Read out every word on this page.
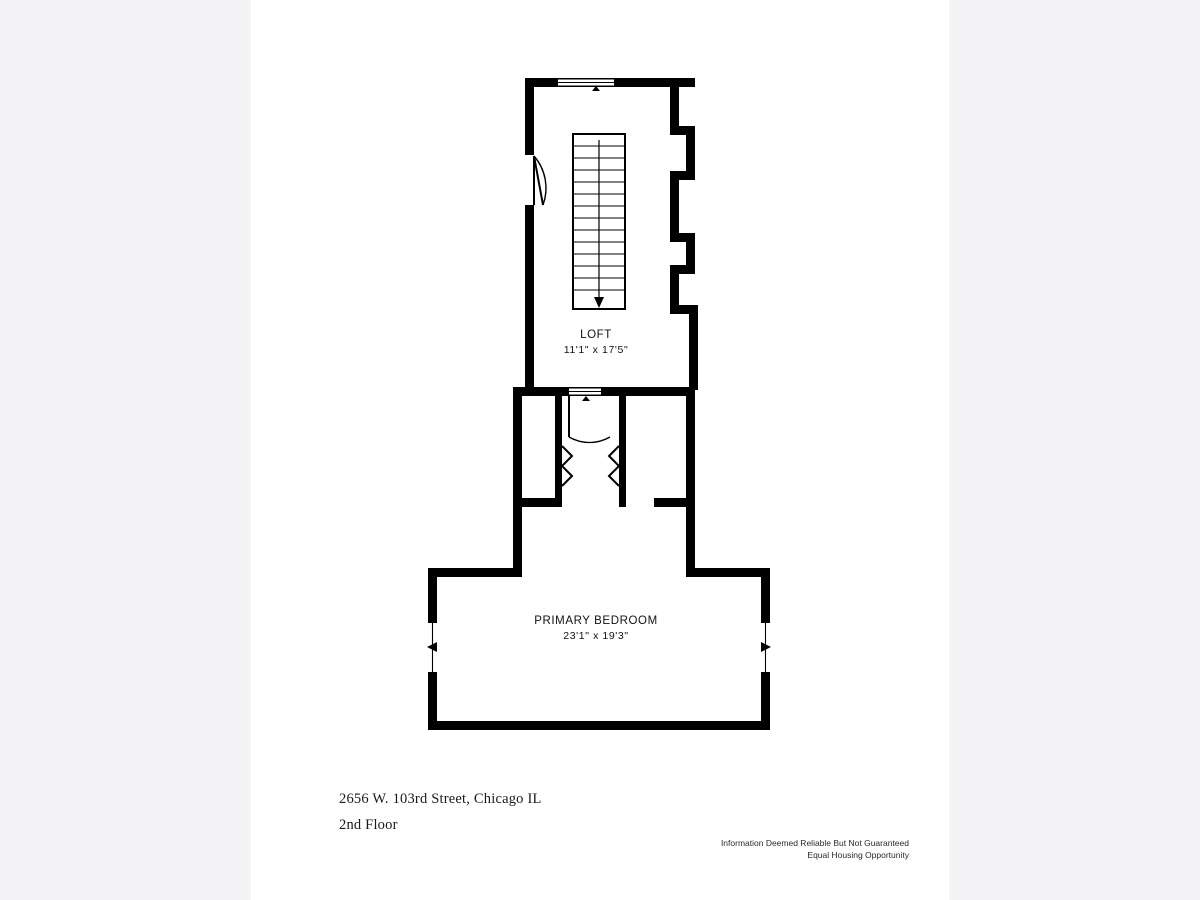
LOFT
11'1" x 17'5"
PRIMARY BEDROOM
23'1" x 19'3"
2656 W. 103rd Street, Chicago IL
2nd Floor
Information Deemed Reliable But Not Guaranteed
Equal Housing Opportunity
